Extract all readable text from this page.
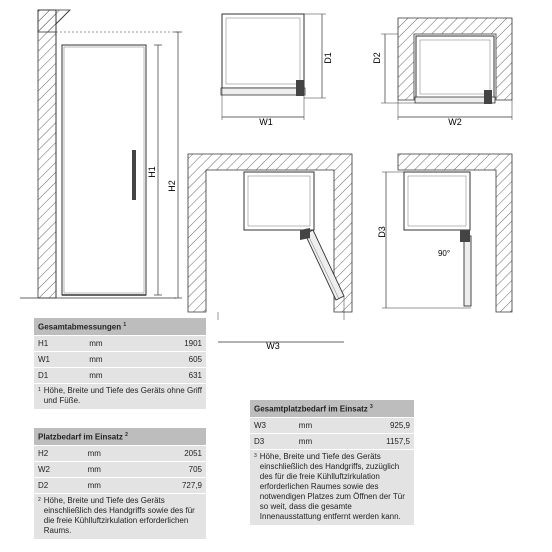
H1
H2
W1
D1
W2
D2
D3
90°
W3
Gesamtabmessungen $^1$
H1	mm	1901
W1	mm	605
D1	mm	631

1 Höhe, Breite und Tiefe des Geräts ohne Griff und Füße.		
Platzbedarf im Einsatz $^2$
H2	mm	2051
W2	mm	705
D2	mm	727,9

2 Höhe, Breite und Tiefe des Geräts einschließlich des Handgriffs sowie des für die freie Kühlluftzirkulation erforderlichen Raums.		
Gesamtplatzbedarf im Einsatz $^3$
W3	mm	925,9
D3	mm	1157,5

3 Höhe, Breite und Tiefe des Geräts einschließlich des Handgriffs, zuzüglich des für die freie Kühlluftzirkulation erforderlichen Raumes sowie des notwendigen Platzes zum Öffnen der Tür so weit, dass die gesamte Innenausstattung entfernt werden kann.		
